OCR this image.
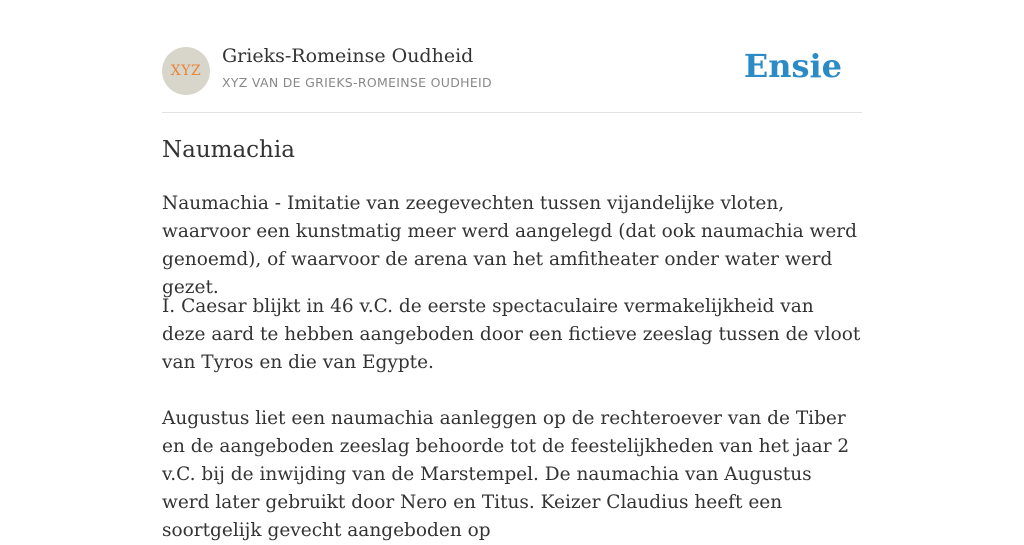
XYZ
Grieks-Romeinse Oudheid
XYZ VAN DE GRIEKS-ROMEINSE OUDHEID	Ensie
Naumachia

Naumachia - Imitatie van zeegevechten tussen vijandelijke vloten, waarvoor een kunstmatig meer werd aangelegd (dat ook naumachia werd genoemd), of waarvoor de arena van het amfitheater onder water werd gezet.

I. Caesar blijkt in 46 v.C. de eerste spectaculaire vermakelijkheid van deze aard te hebben aangeboden door een fictieve zeeslag tussen de vloot van Tyros en die van Egypte.

Augustus liet een naumachia aanleggen op de rechteroever van de Tiber en de aangeboden zeeslag behoorde tot de feestelijkheden van het jaar 2 v.C. bij de inwijding van de Marstempel. De naumachia van Augustus werd later gebruikt door Nero en Titus. Keizer Claudius heeft een soortgelijk gevecht aangeboden op
